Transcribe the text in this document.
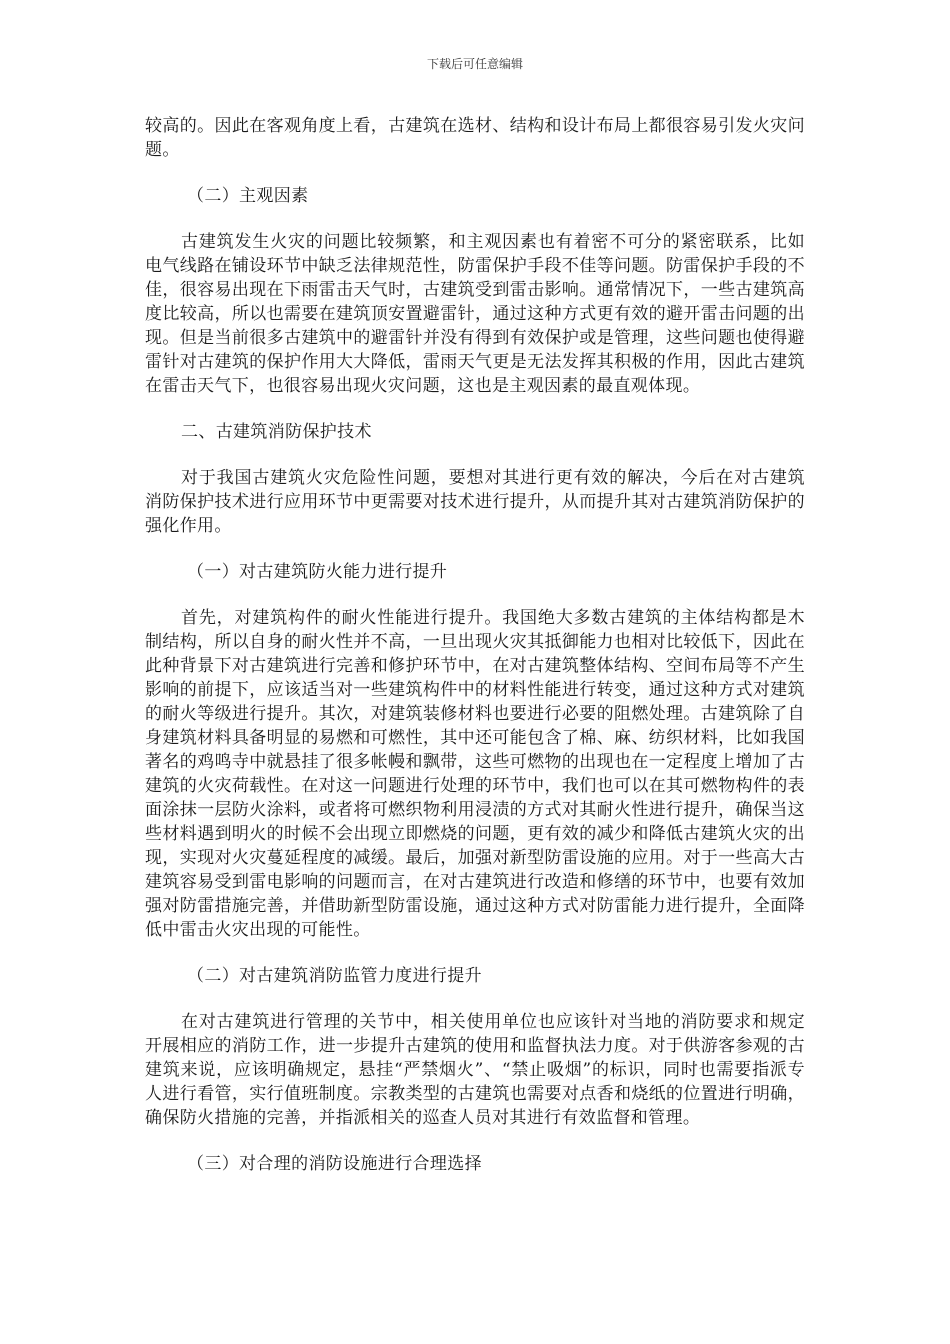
下载后可任意编辑

较高的。因此在客观角度上看，古建筑在选材、结构和设计布局上都很容易引发火灾问题。

（二）主观因素

古建筑发生火灾的问题比较频繁，和主观因素也有着密不可分的紧密联系，比如电气线路在铺设环节中缺乏法律规范性，防雷保护手段不佳等问题。防雷保护手段的不佳，很容易出现在下雨雷击天气时，古建筑受到雷击影响。通常情况下，一些古建筑高度比较高，所以也需要在建筑顶安置避雷针，通过这种方式更有效的避开雷击问题的出现。但是当前很多古建筑中的避雷针并没有得到有效保护或是管理，这些问题也使得避雷针对古建筑的保护作用大大降低，雷雨天气更是无法发挥其积极的作用，因此古建筑在雷击天气下，也很容易出现火灾问题，这也是主观因素的最直观体现。

二、古建筑消防保护技术

对于我国古建筑火灾危险性问题，要想对其进行更有效的解决，今后在对古建筑消防保护技术进行应用环节中更需要对技术进行提升，从而提升其对古建筑消防保护的强化作用。

（一）对古建筑防火能力进行提升

首先，对建筑构件的耐火性能进行提升。我国绝大多数古建筑的主体结构都是木制结构，所以自身的耐火性并不高，一旦出现火灾其抵御能力也相对比较低下，因此在此种背景下对古建筑进行完善和修护环节中，在对古建筑整体结构、空间布局等不产生影响的前提下，应该适当对一些建筑构件中的材料性能进行转变，通过这种方式对建筑的耐火等级进行提升。其次，对建筑装修材料也要进行必要的阻燃处理。古建筑除了自身建筑材料具备明显的易燃和可燃性，其中还可能包含了棉、麻、纺织材料，比如我国著名的鸡鸣寺中就悬挂了很多帐幔和飘带，这些可燃物的出现也在一定程度上增加了古建筑的火灾荷载性。在对这一问题进行处理的环节中，我们也可以在其可燃物构件的表面涂抹一层防火涂料，或者将可燃织物利用浸渍的方式对其耐火性进行提升，确保当这些材料遇到明火的时候不会出现立即燃烧的问题，更有效的减少和降低古建筑火灾的出现，实现对火灾蔓延程度的减缓。最后，加强对新型防雷设施的应用。对于一些高大古建筑容易受到雷电影响的问题而言，在对古建筑进行改造和修缮的环节中，也要有效加强对防雷措施完善，并借助新型防雷设施，通过这种方式对防雷能力进行提升，全面降低中雷击火灾出现的可能性。

（二）对古建筑消防监管力度进行提升

在对古建筑进行管理的关节中，相关使用单位也应该针对当地的消防要求和规定开展相应的消防工作，进一步提升古建筑的使用和监督执法力度。对于供游客参观的古建筑来说，应该明确规定，悬挂“严禁烟火”、“禁止吸烟”的标识，同时也需要指派专人进行看管，实行值班制度。宗教类型的古建筑也需要对点香和烧纸的位置进行明确，确保防火措施的完善，并指派相关的巡查人员对其进行有效监督和管理。

（三）对合理的消防设施进行合理选择
